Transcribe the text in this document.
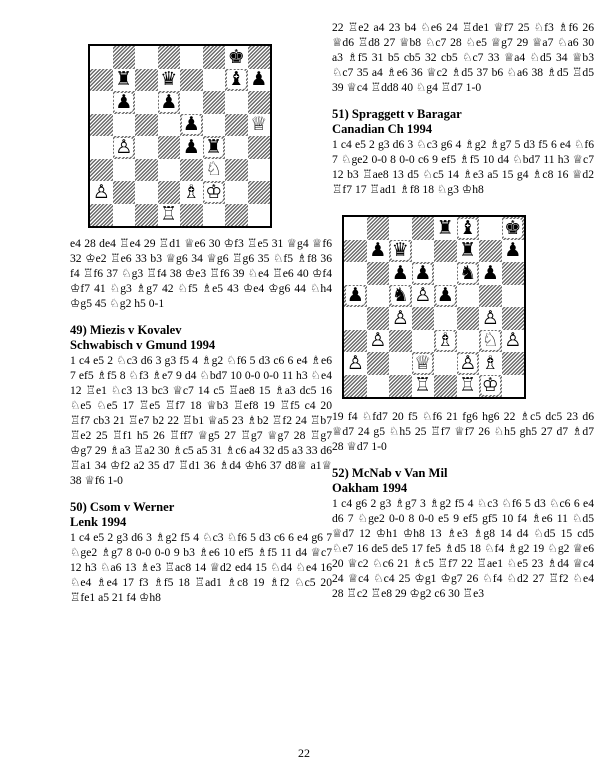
♚
♜ ♛	♝ ♟
♟ ♟
♟	♕
♙	♟ ♜
♘
♙	♗ ♔
♖

e4 28 de4 ♖e4 29 ♖d1 ♕e6 30 ♔f3 ♖e5 31 ♕g4 ♕f6 32 ♔e2 ♖e6 33 b3 ♕g6 34 ♕g6 ♖g6 35 ♘f5 ♗f8 36 f4 ♖f6 37 ♘g3 ♖f4 38 ♔e3 ♖f6 39 ♘e4 ♖e6 40 ♔f4 ♔f7 41 ♘g3 ♗g7 42 ♘f5 ♗e5 43 ♔e4 ♔g6 44 ♘h4 ♔g5 45 ♘g2 h5 0-1

49) Miezis v Kovalev

Schwabisch v Gmund 1994

1 c4 e5 2 ♘c3 d6 3 g3 f5 4 ♗g2 ♘f6 5 d3 c6 6 e4 ♗e6 7 ef5 ♗f5 8 ♘f3 ♗e7 9 d4 ♘bd7 10 0-0 0-0 11 h3 ♘e4 12 ♖e1 ♘c3 13 bc3 ♕c7 14 c5 ♖ae8 15 ♗a3 dc5 16 ♘e5 ♘e5 17 ♖e5 ♖f7 18 ♕b3 ♖ef8 19 ♖f5 c4 20 ♖f7 cb3 21 ♖e7 b2 22 ♖b1 ♕a5 23 ♗b2 ♖f2 24 ♖b7 ♖e2 25 ♖f1 h5 26 ♖ff7 ♕g5 27 ♖g7 ♕g7 28 ♖g7 ♔g7 29 ♗a3 ♖a2 30 ♗c5 a5 31 ♗c6 a4 32 d5 a3 33 d6 ♖a1 34 ♔f2 a2 35 d7 ♖d1 36 ♗d4 ♔h6 37 d8♕ a1♕ 38 ♕f6 1-0

50) Csom v Werner

Lenk 1994

1 c4 e5 2 g3 d6 3 ♗g2 f5 4 ♘c3 ♘f6 5 d3 c6 6 e4 g6 7 ♘ge2 ♗g7 8 0-0 0-0 9 b3 ♗e6 10 ef5 ♗f5 11 d4 ♕c7 12 h3 ♘a6 13 ♗e3 ♖ac8 14 ♕d2 ed4 15 ♘d4 ♘e4 16 ♘e4 ♗e4 17 f3 ♗f5 18 ♖ad1 ♗c8 19 ♗f2 ♘c5 20 ♖fe1 a5 21 f4 ♔h8

22 ♖e2 a4 23 b4 ♘e6 24 ♖de1 ♕f7 25 ♘f3 ♗f6 26 ♕d6 ♖d8 27 ♕b8 ♘c7 28 ♘e5 ♕g7 29 ♕a7 ♘a6 30 a3 ♗f5 31 b5 cb5 32 cb5 ♘c7 33 ♕a4 ♘d5 34 ♕b3 ♘c7 35 a4 ♗e6 36 ♕c2 ♗d5 37 b6 ♘a6 38 ♗d5 ♖d5 39 ♕c4 ♖dd8 40 ♘g4 ♖d7 1-0

51) Spraggett v Baragar

Canadian Ch 1994

1 c4 e5 2 g3 d6 3 ♘c3 g6 4 ♗g2 ♗g7 5 d3 f5 6 e4 ♘f6 7 ♘ge2 0-0 8 0-0 c6 9 ef5 ♗f5 10 d4 ♘bd7 11 h3 ♕c7 12 b3 ♖ae8 13 d5 ♘c5 14 ♗e3 a5 15 g4 ♗c8 16 ♕d2 ♖f7 17 ♖ad1 ♗f8 18 ♘g3 ♔h8

♜ ♝ ♚
♟ ♛	♜ ♟
♟ ♟ ♞ ♟
♟ ♞ ♙ ♟
♙	♙
♙	♗ ♘ ♙
♙	♕ ♙ ♗
♖ ♖ ♔

19 f4 ♘fd7 20 f5 ♘f6 21 fg6 hg6 22 ♗c5 dc5 23 d6 ♕d7 24 g5 ♘h5 25 ♖f7 ♕f7 26 ♘h5 gh5 27 d7 ♗d7 28 ♕d7 1-0

52) McNab v Van Mil

Oakham 1994

1 c4 g6 2 g3 ♗g7 3 ♗g2 f5 4 ♘c3 ♘f6 5 d3 ♘c6 6 e4 d6 7 ♘ge2 0-0 8 0-0 e5 9 ef5 gf5 10 f4 ♗e6 11 ♘d5 ♕d7 12 ♔h1 ♔h8 13 ♗e3 ♗g8 14 d4 ♘d5 15 cd5 ♘e7 16 de5 de5 17 fe5 ♗d5 18 ♘f4 ♗g2 19 ♘g2 ♕e6 20 ♕c2 ♘c6 21 ♗c5 ♖f7 22 ♖ae1 ♘e5 23 ♗d4 ♕c4 24 ♕c4 ♘c4 25 ♔g1 ♔g7 26 ♘f4 ♘d2 27 ♖f2 ♘e4 28 ♖c2 ♖e8 29 ♔g2 c6 30 ♖e3

22
